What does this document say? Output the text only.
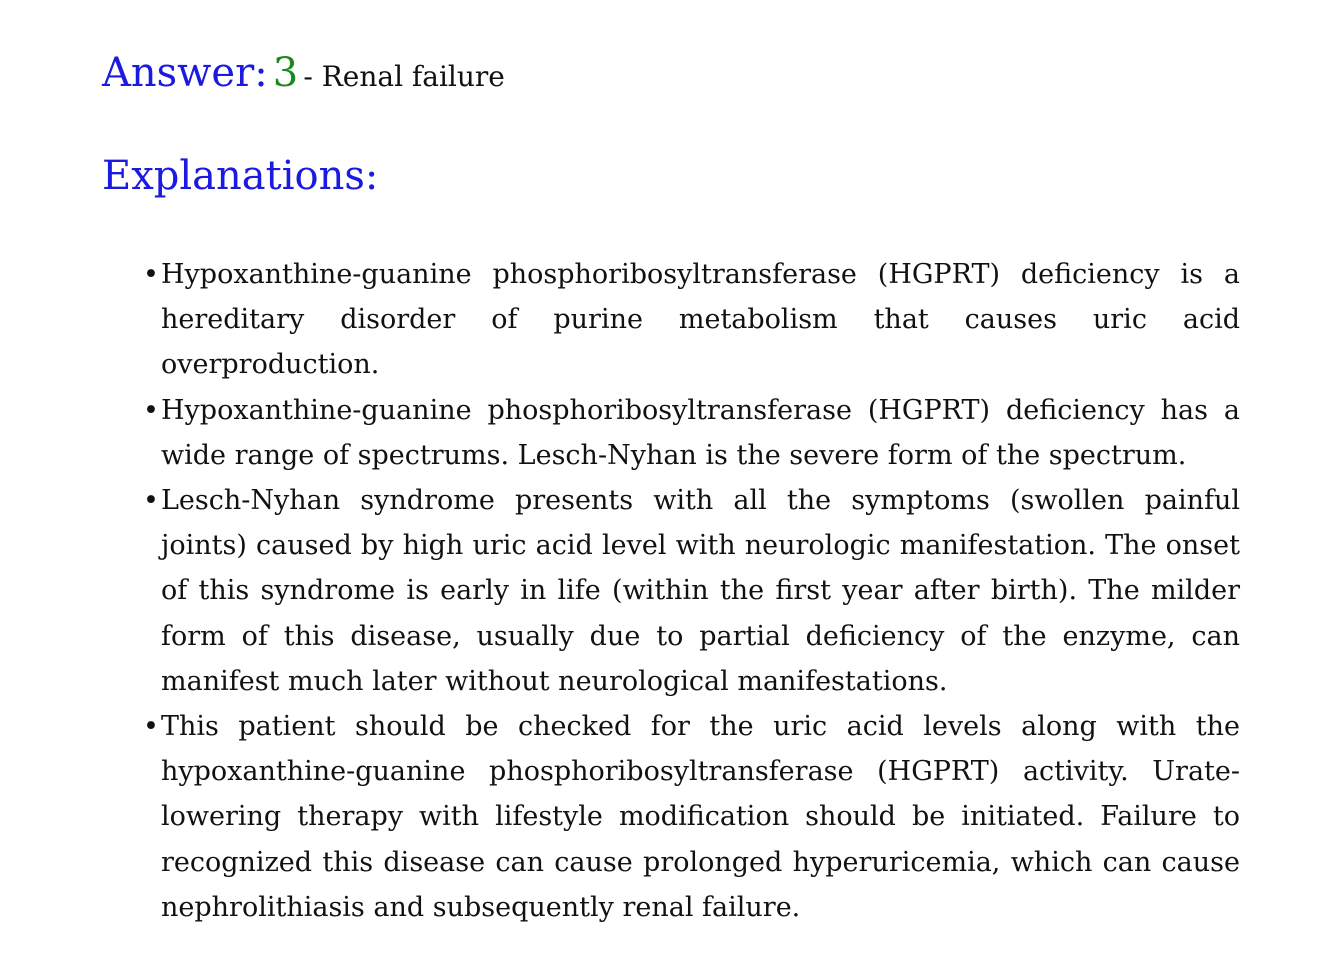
Answer: 3 - Renal failure
Explanations:
• Hypoxanthine-guanine phosphoribosyltransferase (HGPRT) deficiency is a hereditary disorder of purine metabolism that causes uric acid overproduction.
• Hypoxanthine-guanine phosphoribosyltransferase (HGPRT) deficiency has a wide range of spectrums. Lesch-Nyhan is the severe form of the spectrum.
• Lesch-Nyhan syndrome presents with all the symptoms (swollen painful joints) caused by high uric acid level with neurologic manifestation. The onset of this syndrome is early in life (within the first year after birth). The milder form of this disease, usually due to partial deficiency of the enzyme, can manifest much later without neurological manifestations.
• This patient should be checked for the uric acid levels along with the hypoxanthine-guanine phosphoribosyltransferase (HGPRT) activity. Urate-lowering therapy with lifestyle modification should be initiated. Failure to recognized this disease can cause prolonged hyperuricemia, which can cause nephrolithiasis and subsequently renal failure.
